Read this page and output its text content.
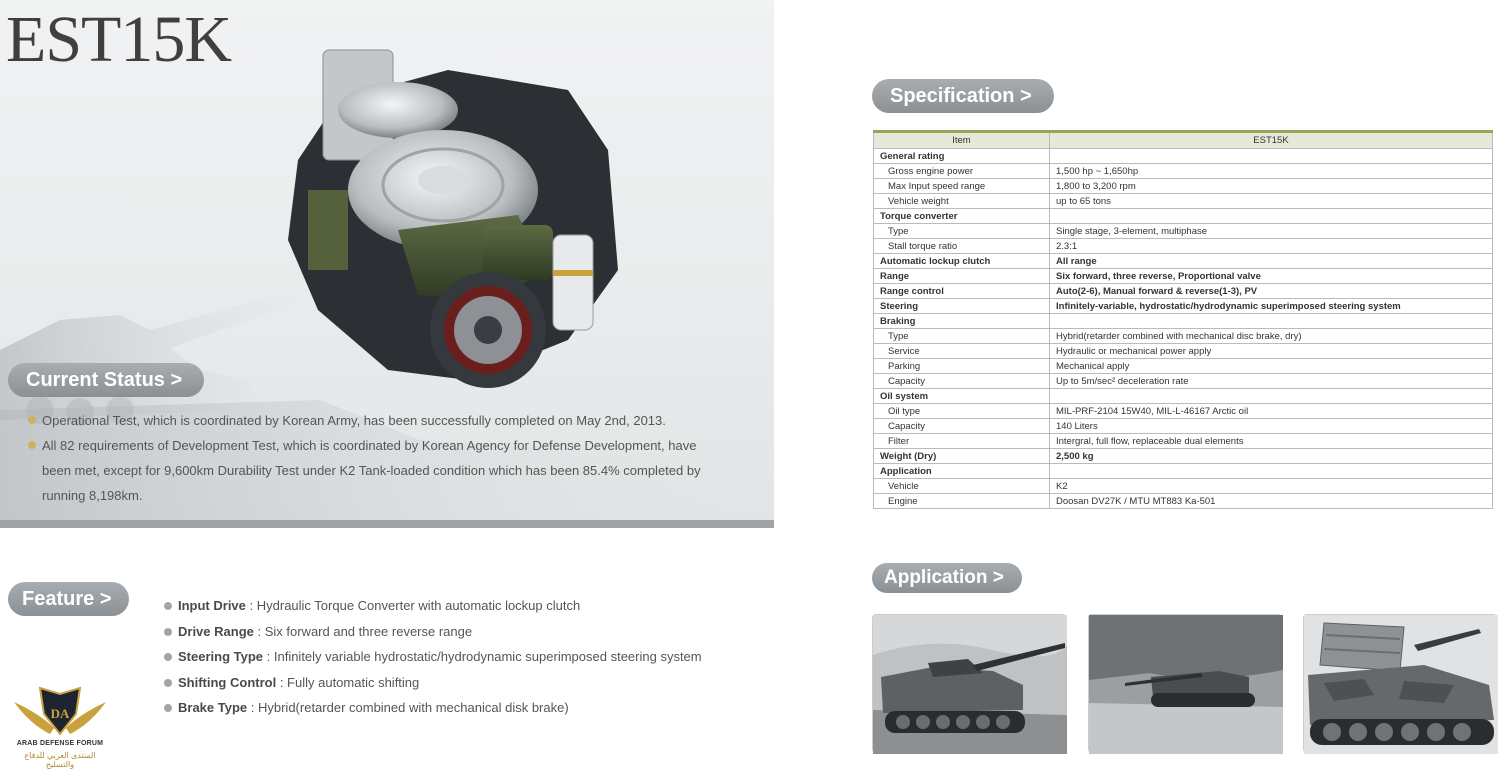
EST15K
Current Status >
Operational Test, which is coordinated by Korean Army, has been successfully completed on May 2nd, 2013.
All 82 requirements of Development Test, which is coordinated by Korean Agency for Defense Development, have been met, except for 9,600km Durability Test under K2 Tank-loaded condition which has been 85.4% completed by running 8,198km.
Feature >	Input Drive : Hydraulic Torque Converter with automatic lockup clutch
Drive Range : Six forward and three reverse range
Steering Type : Infinitely variable hydrostatic/hydrodynamic superimposed steering system
Shifting Control : Fully automatic shifting
Brake Type : Hybrid(retarder combined with mechanical disk brake)
DA
ARAB DEFENSE FORUM
المنتدى العربي للدفاع والتسليح
Specification >
Item	EST15K
General rating	
Gross engine power	1,500 hp ~ 1,650hp
Max Input speed range	1,800 to 3,200 rpm
Vehicle weight	up to 65 tons
Torque converter	
Type	Single stage, 3-element, multiphase
Stall torque ratio	2.3:1
Automatic lockup clutch	All range
Range	Six forward, three reverse, Proportional valve
Range control	Auto(2-6), Manual forward & reverse(1-3), PV
Steering	Infinitely-variable, hydrostatic/hydrodynamic superimposed steering system
Braking	
Type	Hybrid(retarder combined with mechanical disc brake, dry)
Service	Hydraulic or mechanical power apply
Parking	Mechanical apply
Capacity	Up to 5m/sec² deceleration rate
Oil system	
Oil type	MIL-PRF-2104 15W40, MIL-L-46167 Arctic oil
Capacity	140 Liters
Filter	Intergral, full flow, replaceable dual elements
Weight (Dry)	2,500 kg
Application	
Vehicle	K2
Engine	Doosan DV27K / MTU MT883 Ka-501
Application >
